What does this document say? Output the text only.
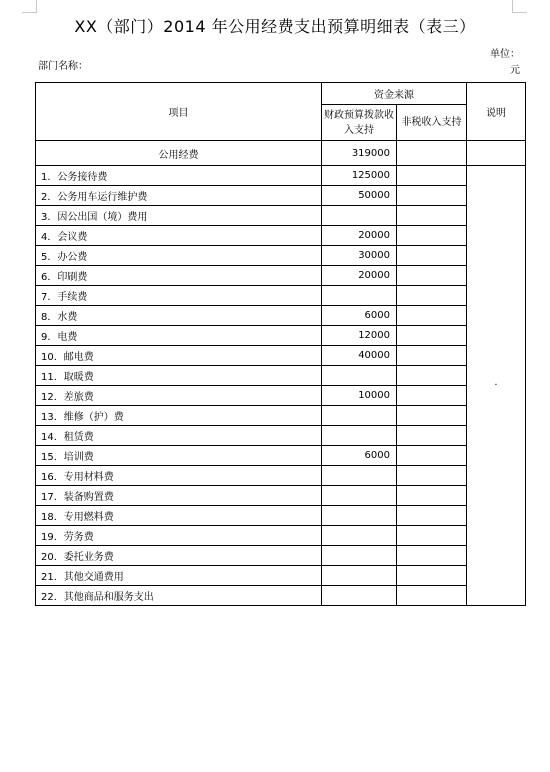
XX（部门）2014 年公用经费支出预算明细表（表三）
部门名称：
单位：
元
项目	资金来源		说明
	财政预算拨款收入支持	非税收入支持	
公用经费	319000		
1．公务接待费	125000		·
2．公务用车运行维护费	50000		
3．因公出国（境）费用			
4．会议费	20000		
5．办公费	30000		
6．印刷费	20000		
7．手续费			
8．水费	6000		
9．电费	12000		
10．邮电费	40000		
11．取暖费			
12．差旅费	10000		
13．维修（护）费			
14．租赁费			
15．培训费	6000		
16．专用材料费			
17．装备购置费			
18．专用燃料费			
19．劳务费			
20．委托业务费			
21．其他交通费用			
22．其他商品和服务支出			
